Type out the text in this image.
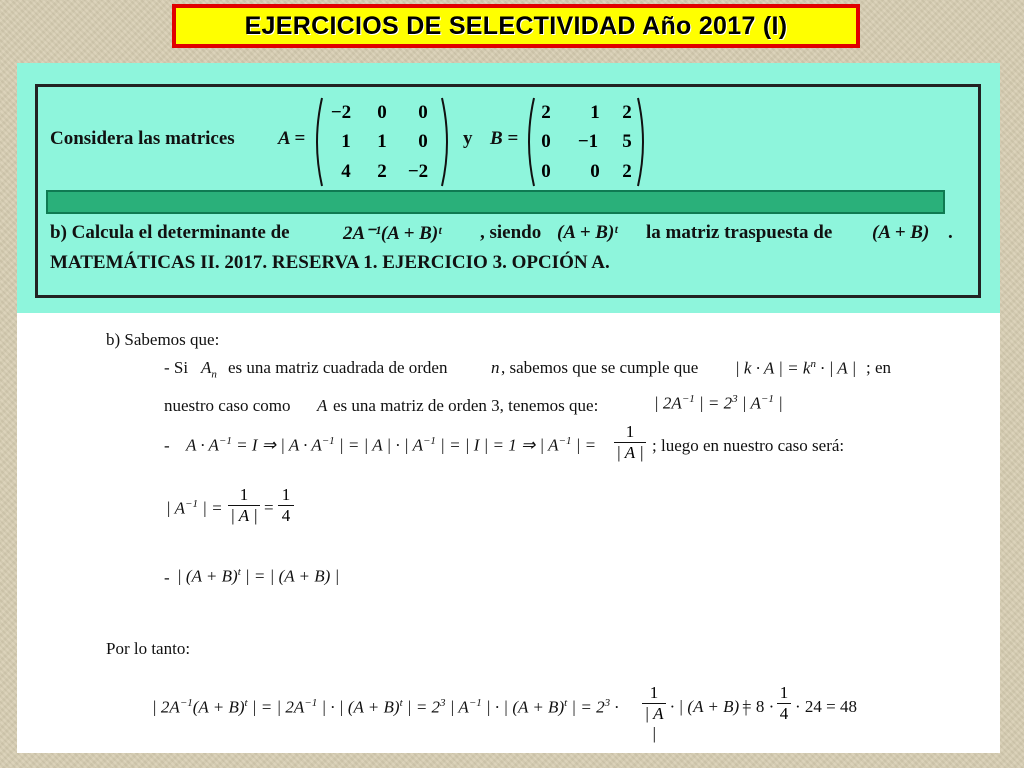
EJERCICIOS DE SELECTIVIDAD Año 2017 (I)
Considera las matrices A =
−2	0	0
1	1	0
4	2	−2
y B =
2	1	2
0	−1	5
0	0	2
b) Calcula el determinante de	2A⁻¹(A + B)ᵗ , siendo (A + B)ᵗ la matriz traspuesta de (A + B) .
MATEMÁTICAS II. 2017. RESERVA 1. EJERCICIO 3. OPCIÓN A.
b) Sabemos que:
- Si $A_n$ es una matriz cuadrada de orden	n , sabemos que se cumple que | k · A | = $k^n$ · | A | ; en
nuestro caso como A es una matriz de orden 3, tenemos que:	| $2A^{-1}$ | = $2^3$ | $A^{-1}$ |
- $A \cdot A^{-1} = I$ ⇒ | $A \cdot A^{-1}$ | = | A | · | $A^{-1}$ | = | I | = 1 ⇒ | $A^{-1}$ | = $\frac{1}{| A |}$ ; luego en nuestro caso será:
| $A^{-1}$ | = $\frac{1}{| A |} = \frac{1}{4}$
- | $(A + B)^t$ | = | (A + B) |
Por lo tanto:
| $2A^{-1}(A + B)^t$ | = | $2A^{-1}$ | · | $(A + B)^t$ | = $2^3$ | $A^{-1}$ | · | $(A + B)^t$ | = $2^3 \cdot \frac{1}{| A |}$ · | (A + B) |
= $8 \cdot \frac{1}{4} \cdot 24 = 48$
